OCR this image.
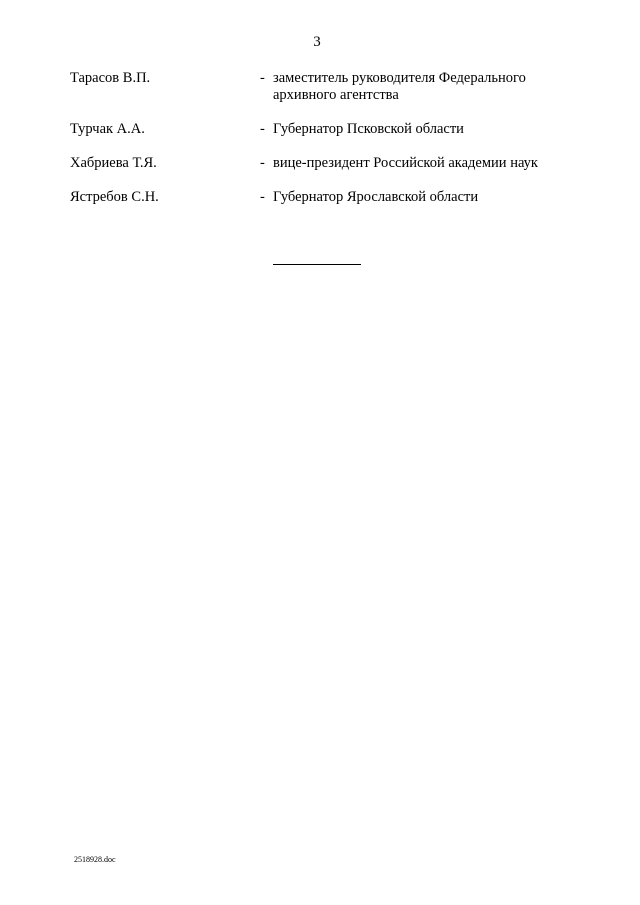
3
Тарасов В.П.	- заместитель руководителя Федерального архивного агентства
Турчак А.А.	- Губернатор Псковской области
Хабриева Т.Я.	- вице-президент Российской академии наук
Ястребов С.Н.	- Губернатор Ярославской области
2518928.doc
